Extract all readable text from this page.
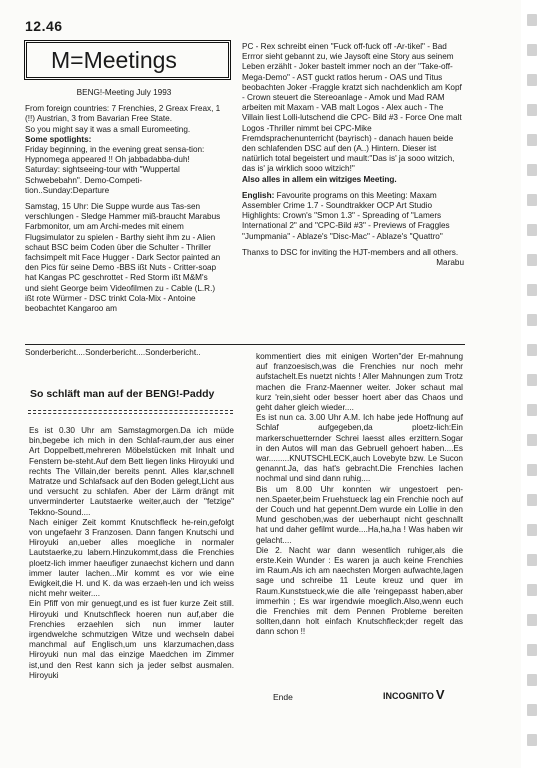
12.46
M=Meetings

BENG!-Meeting July 1993

From foreign countries: 7 Frenchies, 2 Greax Freax, 1 (!!) Austrian, 3 from Bavarian Free State.

So you might say it was a small Euromeeting.

Some spotlights:

Friday beginning, in the evening great sensa-tion: Hypnomega appeared !! Oh jabbadabba-duh! Saturday: sightseeing-tour with "Wuppertal Schwebebahn". Demo-Competi-tion..Sunday:Departure

Samstag, 15 Uhr: Die Suppe wurde aus Tas-sen verschlungen - Sledge Hammer miß-braucht Marabus Farbmonitor, um am Archi-medes mit einem Flugsimulator zu spielen - Barthy sieht ihm zu - Alien schaut BSC beim Coden über die Schulter - Thriller fachsimpelt mit Face Hugger - Dark Sector painted an den Pics für seine Demo -BBS ißt Nuts - Critter-soap hat Kangas PC geschrottet - Red Storm ißt M&M's und sieht George beim Videofilmen zu - Cable (L.R.) ißt rote Würmer - DSC trinkt Cola-Mix - Antoine beobachtet Kangaroo am

PC - Rex schreibt einen "Fuck off-fuck off -Ar-tikel" - Bad Errror sieht gebannt zu, wie Jaysoft eine Story aus seinem Leben erzählt - Joker bastelt immer noch an der "Take-off-Mega-Demo" - AST guckt ratlos herum - OAS und Titus beobachten Joker -Fraggle kratzt sich nachdenklich am Kopf - Crown steuert die Stereoanlage - Amok und Mad RAM arbeiten mit Maxam - VAB malt Logos - Alex auch - The Villain liest Lolli-lutschend die CPC- Bild #3 - Force One malt Logos -Thriller nimmt bei CPC-Mike Fremdsprachenunterricht (bayrisch) - danach hauen beide den schlafenden DSC auf den (A..) Hintern. Dieser ist natürlich total begeistert und mault:"Das is' ja sooo witzich, das is' ja wirklich sooo witzich!"

Also alles in allem ein witziges Meeting.

English: Favourite programs on this Meeting: Maxam Assembler Crime 1.7 - Soundtrakker OCP Art Studio

Highlights: Crown's "Smon 1.3" - Spreading of "Lamers International 2" and "CPC-Bild #3" - Previews of Fraggles "Jumpmania" - Ablaze's "Disc-Mac" - Ablaze's "Quattro"

Thanxs to DSC for inviting the HJT-members and all others.

Marabu

Sonderbericht....Sonderbericht....Sonderbericht..
So schläft man auf der BENG!-Paddy

Es ist 0.30 Uhr am Samstagmorgen.Da ich müde bin,begebe ich mich in den Schlaf-raum,der aus einer Art Doppelbett,mehreren Möbelstücken mit Inhalt und Fenstern be-steht.Auf dem Bett liegen links Hiroyuki und rechts The Villain,der bereits pennt. Alles klar,schnell Matratze und Schlafsack auf den Boden gelegt,Licht aus und versucht zu schlafen. Aber der Lärm drängt mit unverminderter Lautstaerke weiter,auch der "fetzige" Tekkno-Sound....

Nach einiger Zeit kommt Knutschfleck he-rein,gefolgt von ungefaehr 3 Franzosen. Dann fangen Knutschi und Hiroyuki an,ueber alles moegliche in normaler Lautstaerke,zu labern.Hinzukommt,dass die Frenchies ploetz-lich immer haeufiger zunaechst kichern und dann immer lauter lachen...Mir kommt es vor wie eine Ewigkeit,die H. und K. da was erzaeh-len und ich weiss nicht mehr weiter....

Ein Pfiff von mir genuegt,und es ist fuer kurze Zeit still. Hiroyuki und Knutschfleck hoeren nun auf,aber die Frenchies erzaehlen sich nun immer lauter irgendwelche schmutzigen Witze und wechseln dabei manchmal auf Englisch,um uns klarzumachen,dass Hiroyuki nun mal das einzige Maedchen im Zimmer ist,und den Rest kann sich ja jeder selbst ausmalen. Hiroyuki

kommentiert dies mit einigen Worten"der Er-mahnung auf franzoesisch,was die Frenchies nur noch mehr aufstachelt.Es nuetzt nichts ! Aller Mahnungen zum Trotz machen die Franz-Maenner weiter. Joker schaut mal kurz 'rein,sieht oder besser hoert aber das Chaos und geht daher gleich wieder....

Es ist nun ca. 3.00 Uhr A.M. Ich habe jede Hoffnung auf Schlaf aufgegeben,da ploetz-lich:Ein markerschuetternder Schrei laesst alles erzittern.Sogar in den Autos will man das Gebruell gehoert haben....Es war.........KNUTSCHLECK,auch Lovebyte bzw. Le Sucon genannt.Ja, das hat's gebracht.Die Frenchies lachen nochmal und sind dann ruhig....

Bis um 8.00 Uhr konnten wir ungestoert pen-nen.Spaeter,beim Fruehstueck lag ein Frenchie noch auf der Couch und hat gepennt.Dem wurde ein Lollie in den Mund geschoben,was der ueberhaupt nicht geschnallt hat und daher gefilmt wurde....Ha,ha,ha ! Was haben wir gelacht....

Die 2. Nacht war dann wesentlich ruhiger,als die erste.Kein Wunder : Es waren ja auch keine Frenchies im Raum.Als ich am naechsten Morgen aufwachte,lagen sage und schreibe 11 Leute kreuz und quer im Raum.Kunststueck,wie die alle 'reingepasst haben,aber immerhin ; Es war irgendwie moeglich.Also,wenn euch die Frenchies mit dem Pennen Probleme bereiten sollten,dann holt einfach Knutschfleck;der regelt das dann schon !!

Ende	INCOGNITO V
